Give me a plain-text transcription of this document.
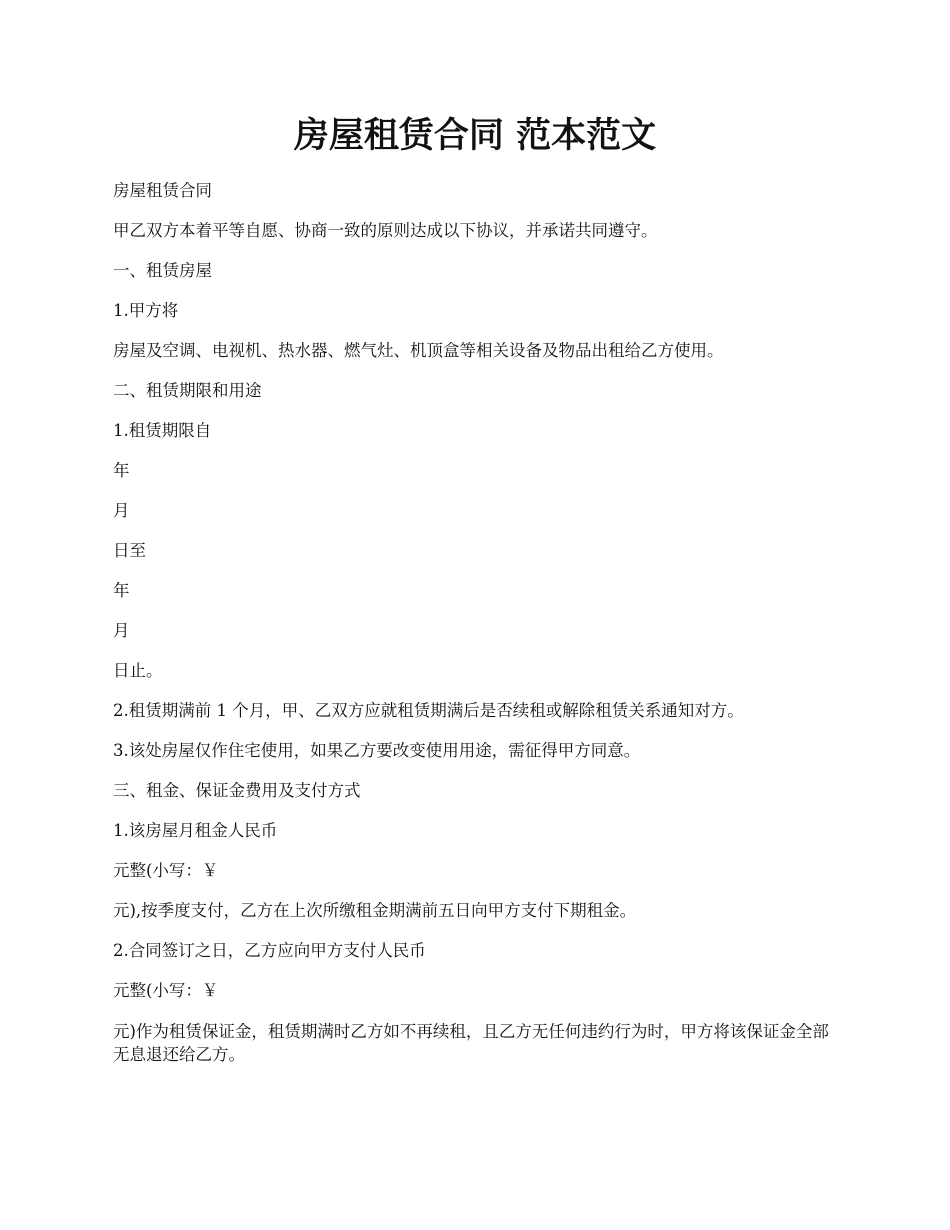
房屋租赁合同 范本范文

房屋租赁合同

甲乙双方本着平等自愿、协商一致的原则达成以下协议，并承诺共同遵守。

一、租赁房屋

1.甲方将

房屋及空调、电视机、热水器、燃气灶、机顶盒等相关设备及物品出租给乙方使用。

二、租赁期限和用途

1.租赁期限自

年

月

日至

年

月

日止。

2.租赁期满前 1 个月，甲、乙双方应就租赁期满后是否续租或解除租赁关系通知对方。

3.该处房屋仅作住宅使用，如果乙方要改变使用用途，需征得甲方同意。

三、租金、保证金费用及支付方式

1.该房屋月租金人民币

元整(小写：￥

元),按季度支付，乙方在上次所缴租金期满前五日向甲方支付下期租金。

2.合同签订之日，乙方应向甲方支付人民币

元整(小写：￥

元)作为租赁保证金，租赁期满时乙方如不再续租，且乙方无任何违约行为时，甲方将该保证金全部无息退还给乙方。
